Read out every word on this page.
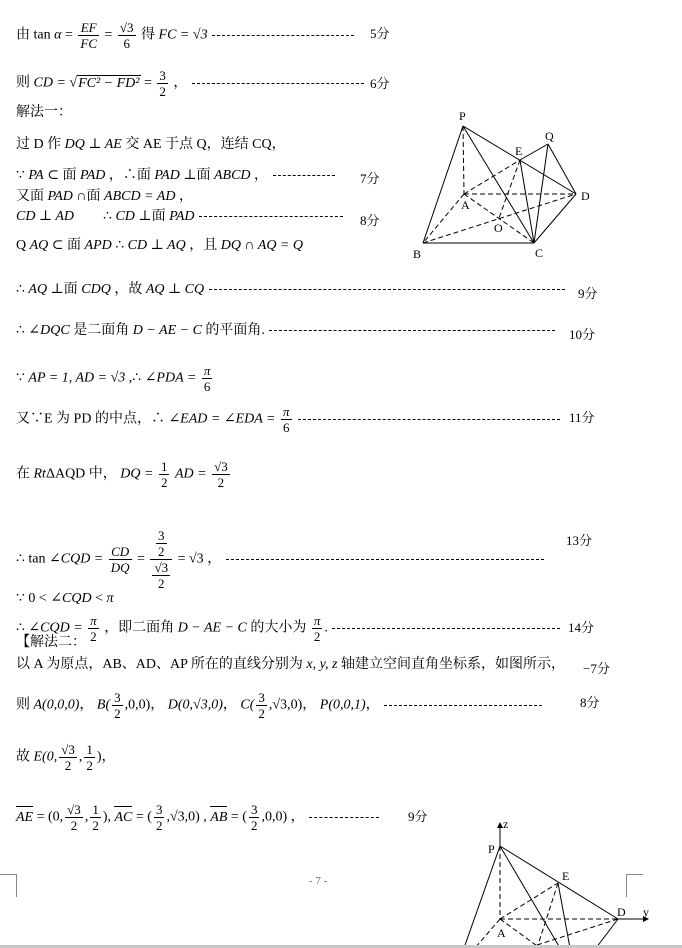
由 $\tan \alpha = \frac{EF}{FC} = \frac{√3}{6}$ 得 FC = √3	5分
则 CD = $√FC^2 - FD^2 = \frac{3}{2}$ ，	6分
解法一：
过 D 作 DQ ⊥ AE 交 AE 于点 Q，连结 CQ，
∵ PA ⊂ 面 PAD ，∴面 PAD ⊥面 ABCD ，	7分
又面 PAD ∩面 ABCD = AD ，
CD ⊥ AD ∴ CD ⊥面 PAD	8分
Q AQ ⊂ 面 APD ∴ CD ⊥ AQ ，且 DQ ∩ AQ = Q
P
Q
E
A
D
O
B	C
∴ AQ ⊥面 CDQ ，故 AQ ⊥ CQ	9分
∴ ∠DQC 是二面角 D − AE − C 的平面角.	10分
∵ AP = 1, AD = √3 ,∴ ∠PDA = $\frac{\pi}{6}$
又∵E 为 PD 的中点，∴ ∠EAD = ∠EDA = $\frac{\pi}{6}$
	11分
在 RtΔAQD 中， DQ = $\frac{1}{2}$ AD = $\frac{√3}{2}$
∴ tan ∠CQD = $\frac{CD}{DQ} = \frac{\frac{3}{2}}{\frac{√3}{2}} = √3$ ，
13分
∵ 0 < ∠CQD < π
∴ ∠CQD = $\frac{\pi}{2}$ ，即二面角 D − AE − C 的大小为 $\frac{\pi}{2}$ .	14分
【解法二：
以 A 为原点，AB、AD、AP 所在的直线分别为 x, y, z 轴建立空间直角坐标系，如图所示， −7分
则 A(0,0,0)， $B( \frac{3}{2} ,0,0)$， D(0,√3,0)， $C( \frac{3}{2} ,√3,0)$， P(0,0,1)，	8分
故 E(0, $\frac{√3}{2}$ , $\frac{1}{2}$ )，
AE = (0, $\frac{√3}{2}$ , $\frac{1}{2}$ ), AC = ( $\frac{3}{2} ,√3,0$) , AB = ( $\frac{3}{2} ,0,0$) ，	9分
- 7 -
z
P
E
A
D y
